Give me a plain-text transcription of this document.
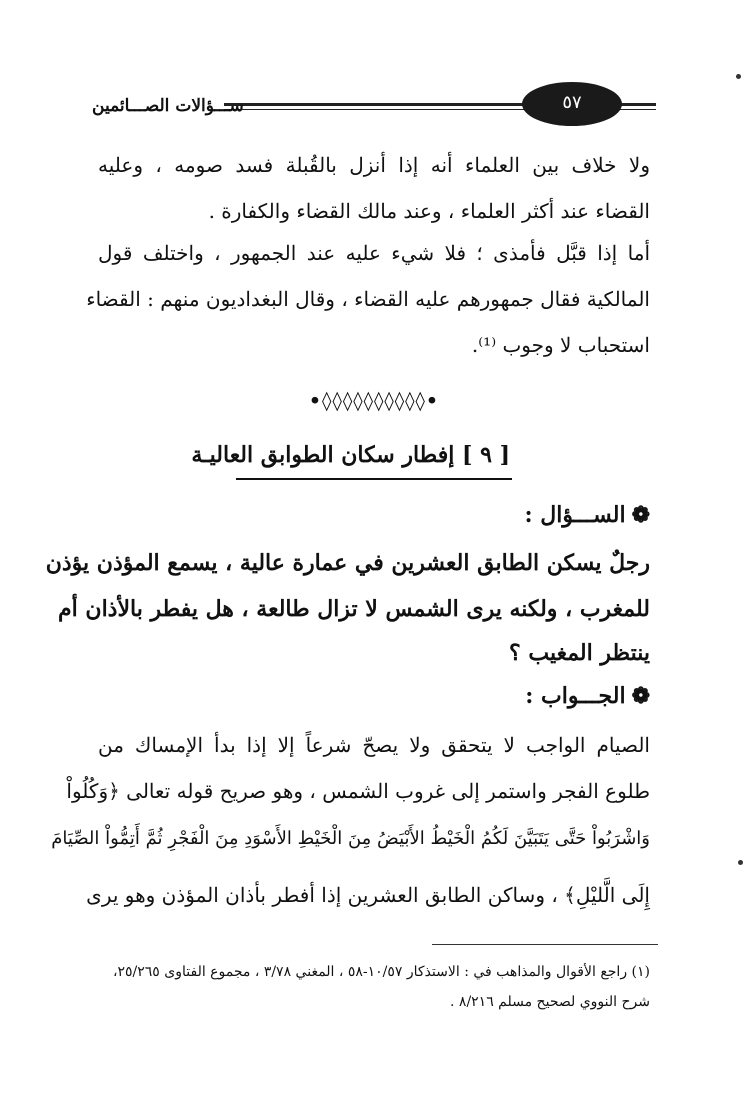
٥٧
ســـؤالات الصـــائمين
ولا خلاف بين العلماء أنه إذا أنزل بالقُبلة فسد صومه ، وعليه
القضاء عند أكثر العلماء ، وعند مالك القضاء والكفارة .
أما إذا قبَّل فأمذى ؛ فلا شيء عليه عند الجمهور ، واختلف قول
المالكية فقال جمهورهم عليه القضاء ، وقال البغداديون منهم : القضاء
استحباب لا وجوب ⁽¹⁾.
•◊◊◊◊◊◊◊◊◊◊•
[ ٩ ] إفطار سكان الطوابق العاليـة
❁الســـؤال :
رجلٌ يسكن الطابق العشرين في عمارة عالية ، يسمع المؤذن يؤذن
للمغرب ، ولكنه يرى الشمس لا تزال طالعة ، هل يفطر بالأذان أم
ينتظر المغيب ؟
❁الجـــواب :
الصيام الواجب لا يتحقق ولا يصحّ شرعاً إلا إذا بدأ الإمساك من
طلوع الفجر واستمر إلى غروب الشمس ، وهو صريح قوله تعالى ﴿وَكُلُواْ
وَاشْرَبُواْ حَتَّى يَتَبَيَّنَ لَكُمُ الْخَيْطُ الأَبْيَضُ مِنَ الْخَيْطِ الأَسْوَدِ مِنَ الْفَجْرِ ثُمَّ أَتِمُّواْ الصِّيَامَ
إِلَى الَّليْلِ﴾ ، وساكن الطابق العشرين إذا أفطر بأذان المؤذن وهو يرى
(١) راجع الأقوال والمذاهب في : الاستذكار ١٠/٥٧-٥٨ ، المغني ٣/٧٨ ، مجموع الفتاوى ٢٥/٢٦٥،
شرح النووي لصحيح مسلم ٨/٢١٦ .
